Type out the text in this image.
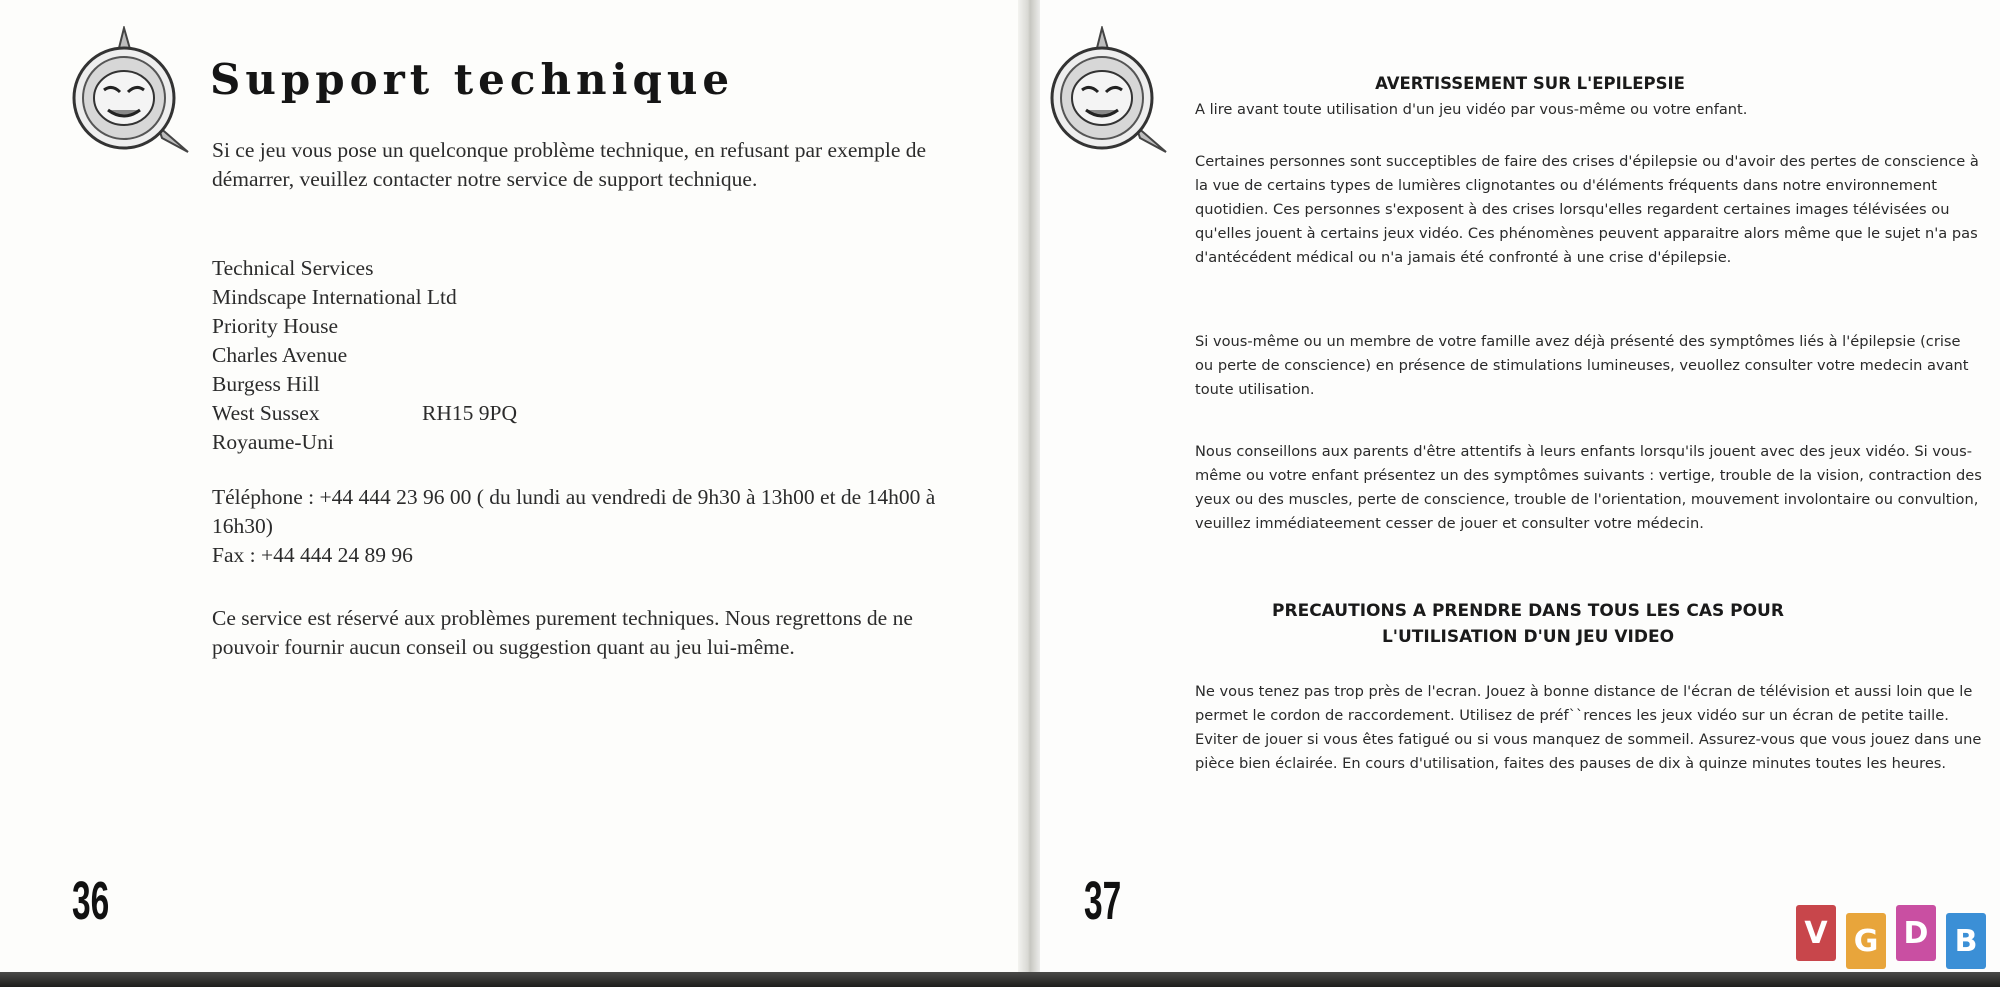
Support technique

Si ce jeu vous pose un quelconque problème technique, en refusant par exemple de démarrer, veuillez contacter notre service de support technique.

Technical Services
Mindscape International Ltd
Priority House
Charles Avenue
Burgess Hill
West Sussex	RH15 9PQ
Royaume-Uni
Téléphone : +44 444 23 96 00 ( du lundi au vendredi de 9h30 à 13h00 et de 14h00 à 16h30)
Fax : +44 444 24 89 96

Ce service est réservé aux problèmes purement techniques. Nous regrettons de ne pouvoir fournir aucun conseil ou suggestion quant au jeu lui-même.

36
AVERTISSEMENT SUR L'EPILEPSIE

A lire avant toute utilisation d'un jeu vidéo par vous-même ou votre enfant.

Certaines personnes sont succeptibles de faire des crises d'épilepsie ou d'avoir des pertes de conscience à la vue de certains types de lumières clignotantes ou d'éléments fréquents dans notre environnement quotidien. Ces personnes s'exposent à des crises lorsqu'elles regardent certaines images télévisées ou qu'elles jouent à certains jeux vidéo. Ces phénomènes peuvent apparaitre alors même que le sujet n'a pas d'antécédent médical ou n'a jamais été confronté à une crise d'épilepsie.

Si vous-même ou un membre de votre famille avez déjà présenté des symptômes liés à l'épilepsie (crise ou perte de conscience) en présence de stimulations lumineuses, veuollez consulter votre medecin avant toute utilisation.

Nous conseillons aux parents d'être attentifs à leurs enfants lorsqu'ils jouent avec des jeux vidéo. Si vous-même ou votre enfant présentez un des symptômes suivants : vertige, trouble de la vision, contraction des yeux ou des muscles, perte de conscience, trouble de l'orientation, mouvement involontaire ou convultion, veuillez immédiateement cesser de jouer et consulter votre médecin.

PRECAUTIONS A PRENDRE DANS TOUS LES CAS POUR
L'UTILISATION D'UN JEU VIDEO

Ne vous tenez pas trop près de l'ecran. Jouez à bonne distance de l'écran de télévision et aussi loin que le permet le cordon de raccordement. Utilisez de préf``rences les jeux vidéo sur un écran de petite taille. Eviter de jouer si vous êtes fatigué ou si vous manquez de sommeil. Assurez-vous que vous jouez dans une pièce bien éclairée. En cours d'utilisation, faites des pauses de dix à quinze minutes toutes les heures.

37
V G D B
